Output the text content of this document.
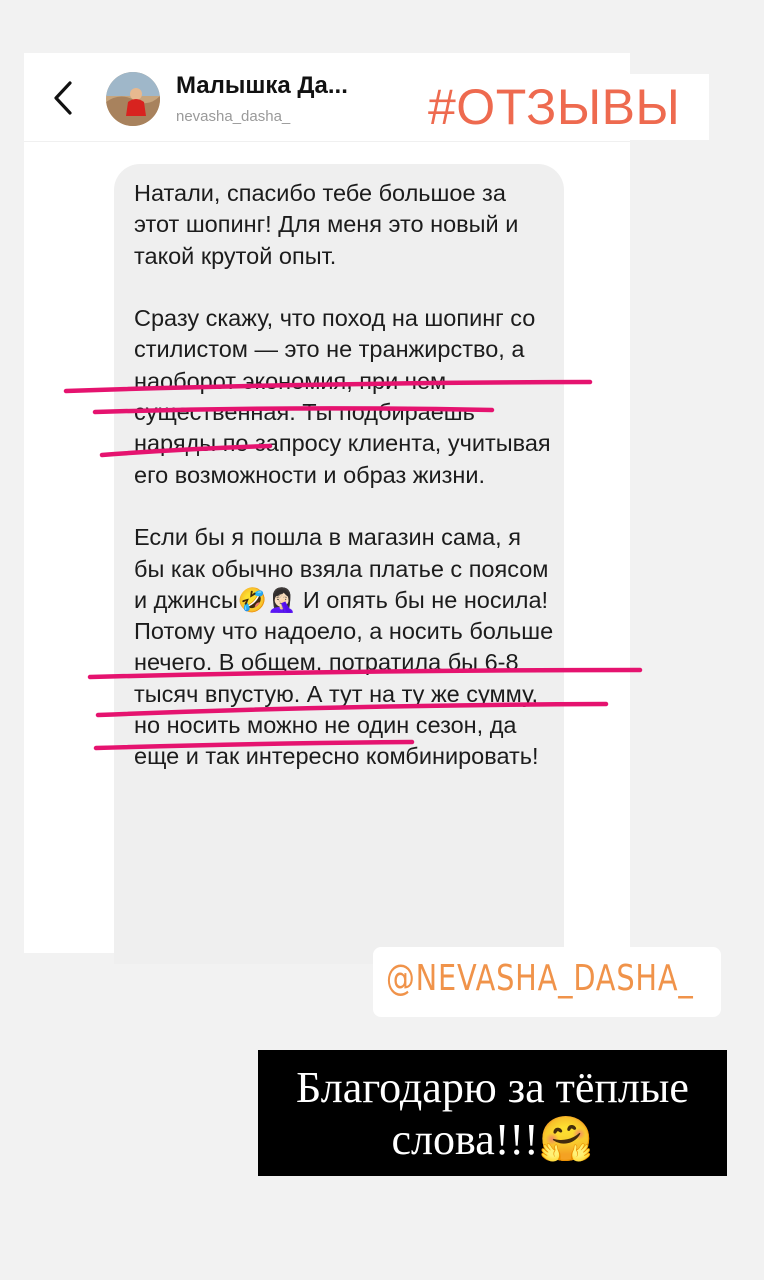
Малышка Да...
nevasha_dasha_	#ОТЗЫВЫ

Натали, спасибо тебе большое за этот шопинг! Для меня это новый и такой крутой опыт.

Сразу скажу, что поход на шопинг со стилистом — это не транжирство, а наоборот экономия, при чем существенная. Ты подбираешь наряды по запросу клиента, учитывая его возможности и образ жизни.

Если бы я пошла в магазин сама, я бы как обычно взяла платье с поясом и джинсы🤣🤦🏻‍♀️ И опять бы не носила! Потому что надоело, а носить больше нечего. В общем, потратила бы 6-8 тысяч впустую. А тут на ту же сумму, но носить можно не один сезон, да еще и так интересно комбинировать!

@NEVASHA_DASHA_
Благодарю за тёплые слова!!!🤗
